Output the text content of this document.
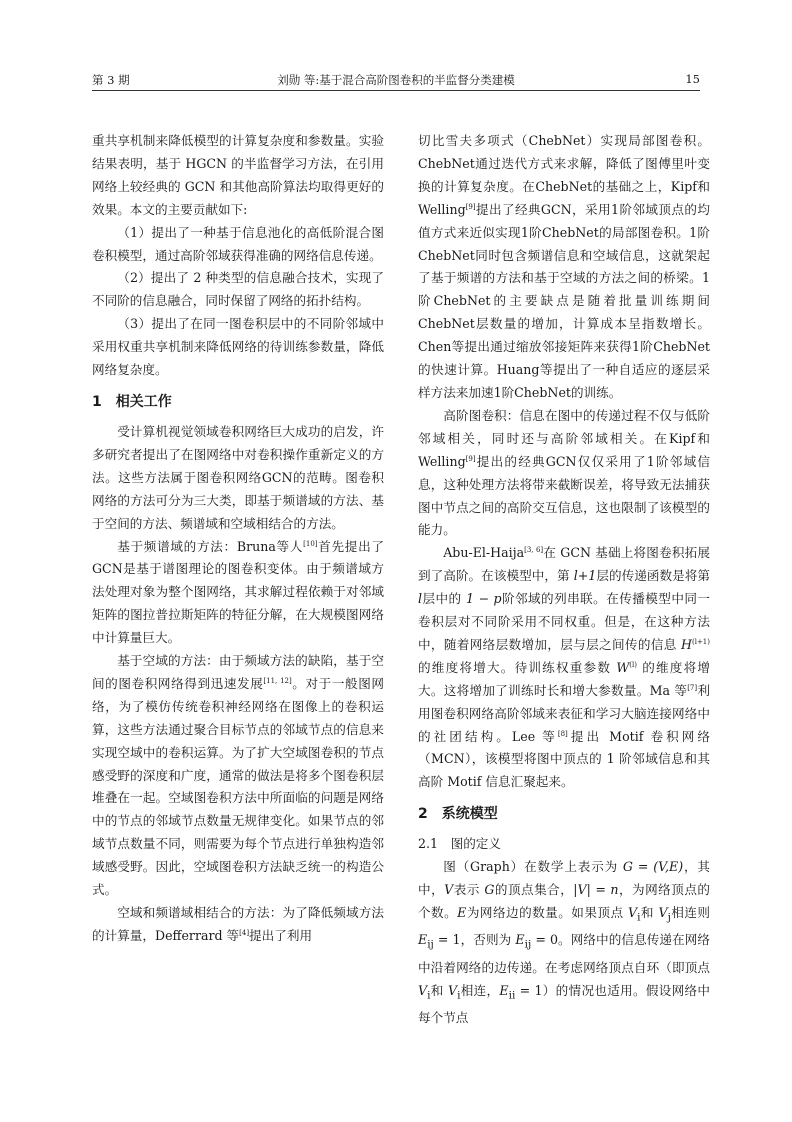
第 3 期	刘勋 等:基于混合高阶图卷积的半监督分类建模	15

重共享机制来降低模型的计算复杂度和参数量。实验结果表明，基于 HGCN 的半监督学习方法，在引用网络上较经典的 GCN 和其他高阶算法均取得更好的效果。本文的主要贡献如下:

（1）提出了一种基于信息池化的高低阶混合图卷积模型，通过高阶邻域获得准确的网络信息传递。

（2）提出了 2 种类型的信息融合技术，实现了不同阶的信息融合，同时保留了网络的拓扑结构。

（3）提出了在同一图卷积层中的不同阶邻域中采用权重共享机制来降低网络的待训练参数量，降低网络复杂度。

1　相关工作

受计算机视觉领域卷积网络巨大成功的启发，许多研究者提出了在图网络中对卷积操作重新定义的方法。这些方法属于图卷积网络GCN的范畴。图卷积网络的方法可分为三大类，即基于频谱域的方法、基于空间的方法、频谱域和空域相结合的方法。

基于频谱域的方法：Bruna等人[10]首先提出了GCN是基于谱图理论的图卷积变体。由于频谱域方法处理对象为整个图网络，其求解过程依赖于对邻域矩阵的图拉普拉斯矩阵的特征分解，在大规模图网络中计算量巨大。

基于空域的方法：由于频域方法的缺陷，基于空间的图卷积网络得到迅速发展[11, 12]。对于一般图网络，为了模仿传统卷积神经网络在图像上的卷积运算，这些方法通过聚合目标节点的邻域节点的信息来实现空域中的卷积运算。为了扩大空域图卷积的节点感受野的深度和广度，通常的做法是将多个图卷积层堆叠在一起。空域图卷积方法中所面临的问题是网络中的节点的邻域节点数量无规律变化。如果节点的邻域节点数量不同，则需要为每个节点进行单独构造邻域感受野。因此，空域图卷积方法缺乏统一的构造公式。

空域和频谱域相结合的方法：为了降低频域方法的计算量，Defferrard 等[4]提出了利用

切比雪夫多项式（ChebNet）实现局部图卷积。ChebNet通过迭代方式来求解，降低了图傅里叶变换的计算复杂度。在ChebNet的基础之上，Kipf和Welling[9]提出了经典GCN，采用1阶邻域顶点的均值方式来近似实现1阶ChebNet的局部图卷积。1阶ChebNet同时包含频谱信息和空域信息，这就架起了基于频谱的方法和基于空域的方法之间的桥梁。1阶ChebNet的主要缺点是随着批量训练期间ChebNet层数量的增加，计算成本呈指数增长。Chen等提出通过缩放邻接矩阵来获得1阶ChebNet的快速计算。Huang等提出了一种自适应的逐层采样方法来加速1阶ChebNet的训练。

高阶图卷积：信息在图中的传递过程不仅与低阶邻域相关，同时还与高阶邻域相关。在Kipf和Welling[9]提出的经典GCN仅仅采用了1阶邻域信息，这种处理方法将带来截断误差，将导致无法捕获图中节点之间的高阶交互信息，这也限制了该模型的能力。

Abu-El-Haija[3, 6]在 GCN 基础上将图卷积拓展到了高阶。在该模型中，第 l+1层的传递函数是将第 l层中的 1 − p阶邻域的列串联。在传播模型中同一卷积层对不同阶采用不同权重。但是，在这种方法中，随着网络层数增加，层与层之间传的信息 $H^{(l+1)}$的维度将增大。待训练权重参数 $W^{(l)}$ 的维度将增大。这将增加了训练时长和增大参数量。Ma 等[7]利用图卷积网络高阶邻域来表征和学习大脑连接网络中的社团结构。Lee 等[8]提出 Motif 卷积网络（MCN），该模型将图中顶点的 1 阶邻域信息和其高阶 Motif 信息汇聚起来。

2　系统模型
2.1　图的定义

图（Graph）在数学上表示为 G = (V,E)，其中，V表示 G的顶点集合，|V| = n，为网络顶点的个数。E为网络边的数量。如果顶点 $V_i$和 $V_j$相连则 $E_{ij} = 1$，否则为 $E_{ij} = 0$。网络中的信息传递在网络中沿着网络的边传递。在考虑网络顶点自环（即顶点 $V_i$和 $V_i$相连，$E_{ii} = 1$）的情况也适用。假设网络中每个节点
